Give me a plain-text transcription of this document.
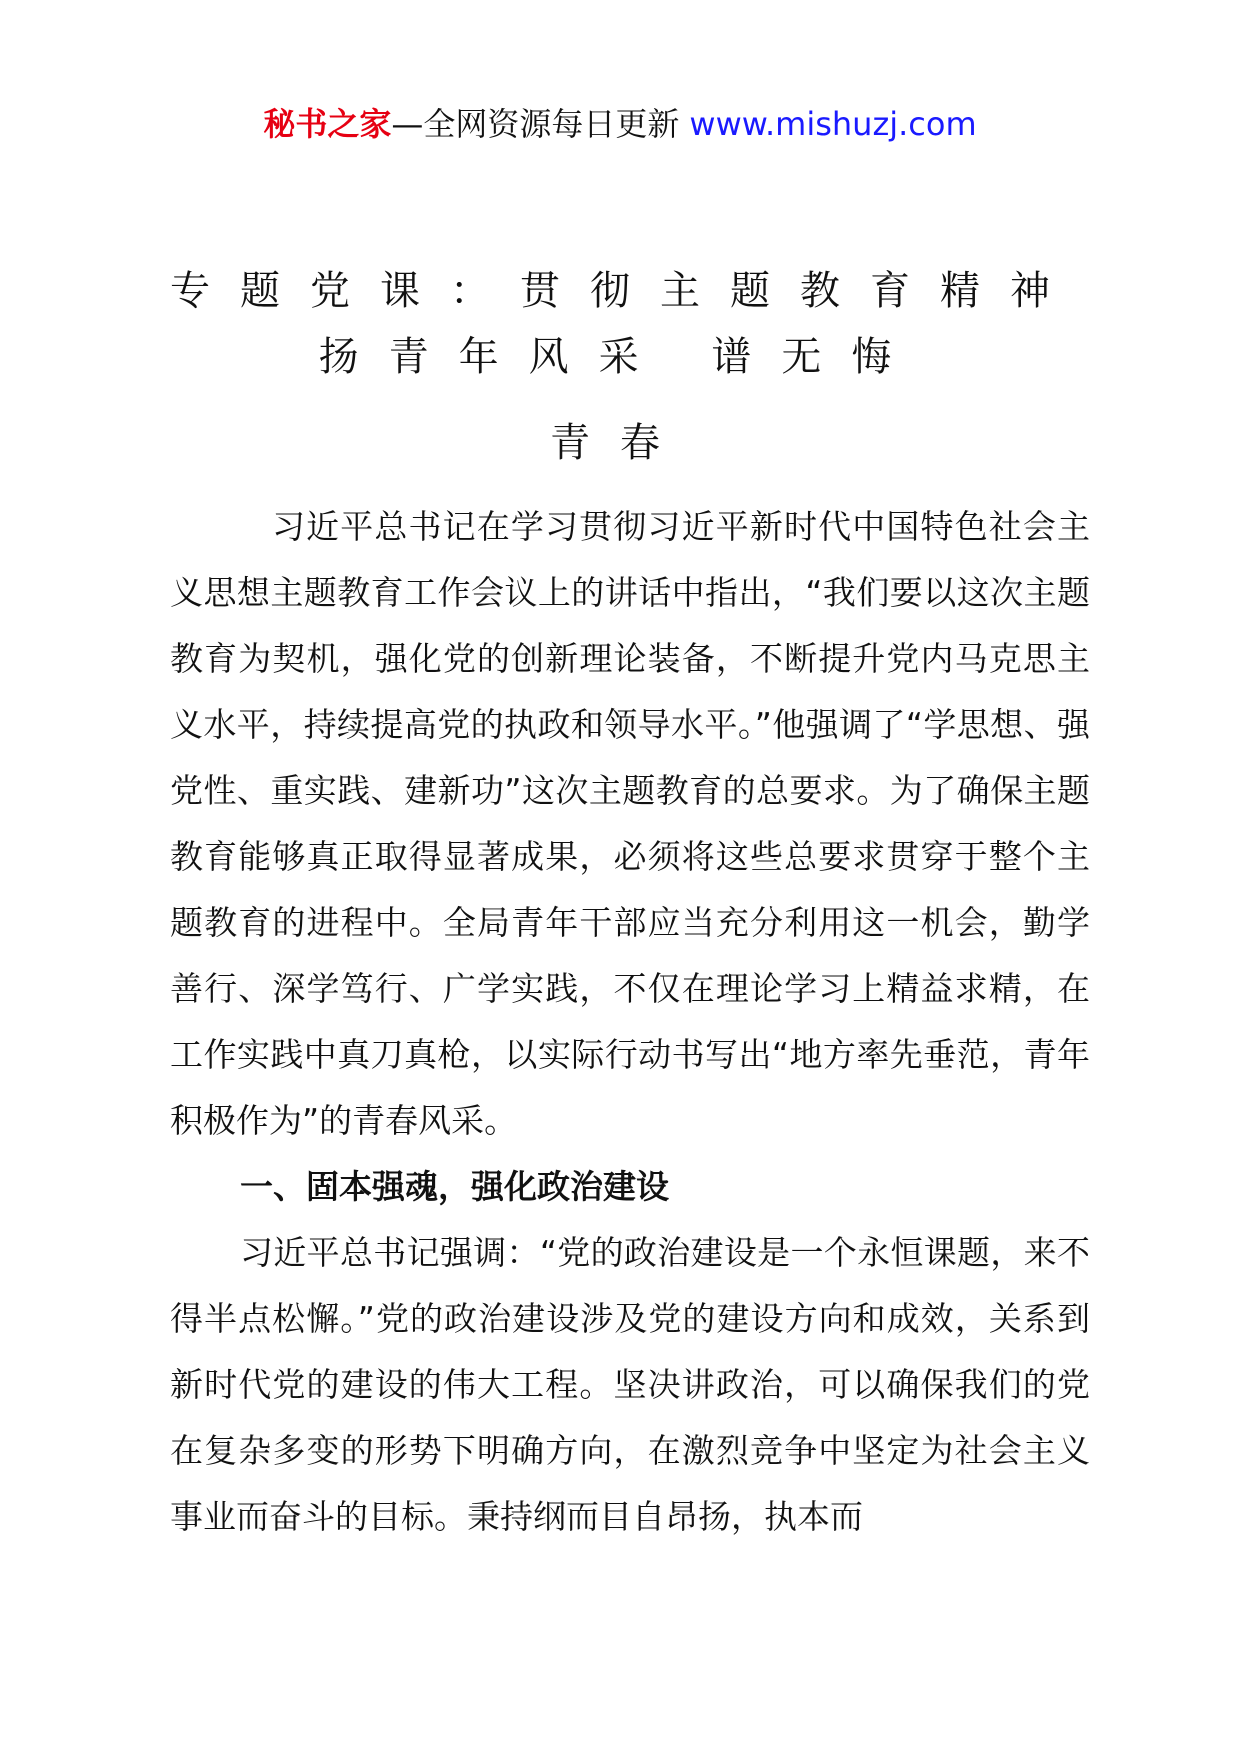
秘书之家—全网资源每日更新 www.mishuzj.com
专题党课：贯彻主题教育精神
扬青年风采 谱无悔
青春

习近平总书记在学习贯彻习近平新时代中国特色社会主义思想主题教育工作会议上的讲话中指出，“我们要以这次主题教育为契机，强化党的创新理论装备，不断提升党内马克思主义水平，持续提高党的执政和领导水平。”他强调了“学思想、强党性、重实践、建新功”这次主题教育的总要求。为了确保主题教育能够真正取得显著成果，必须将这些总要求贯穿于整个主题教育的进程中。全局青年干部应当充分利用这一机会，勤学善行、深学笃行、广学实践，不仅在理论学习上精益求精，在工作实践中真刀真枪，以实际行动书写出“地方率先垂范，青年积极作为”的青春风采。

一、固本强魂，强化政治建设

习近平总书记强调：“党的政治建设是一个永恒课题，来不得半点松懈。”党的政治建设涉及党的建设方向和成效，关系到新时代党的建设的伟大工程。坚决讲政治，可以确保我们的党在复杂多变的形势下明确方向，在激烈竞争中坚定为社会主义事业而奋斗的目标。秉持纲而目自昂扬，执本而
